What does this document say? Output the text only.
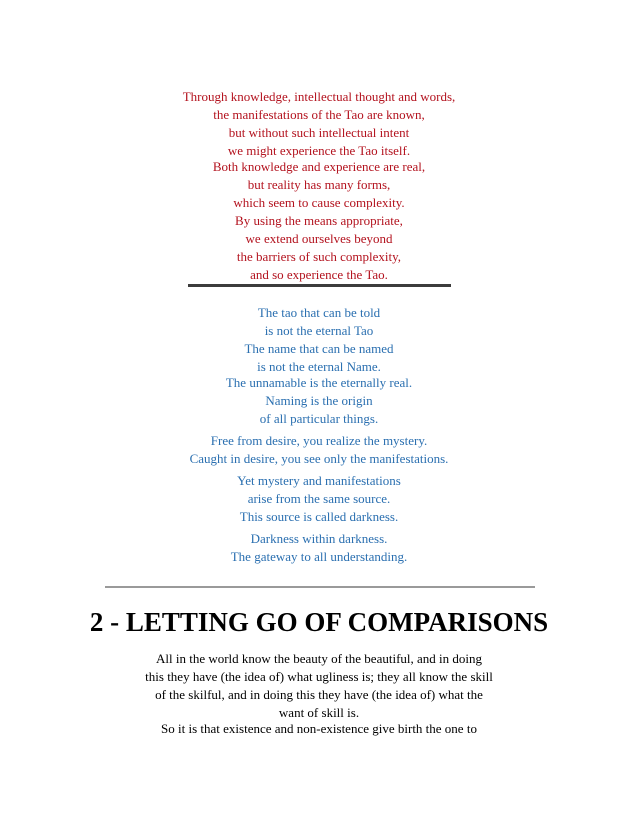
Through knowledge, intellectual thought and words,
the manifestations of the Tao are known,
but without such intellectual intent
we might experience the Tao itself.
Both knowledge and experience are real,
but reality has many forms,
which seem to cause complexity.
By using the means appropriate,
we extend ourselves beyond
the barriers of such complexity,
and so experience the Tao.
The tao that can be told
is not the eternal Tao
The name that can be named
is not the eternal Name.
The unnamable is the eternally real.
Naming is the origin
of all particular things.
Free from desire, you realize the mystery.
Caught in desire, you see only the manifestations.
Yet mystery and manifestations
arise from the same source.
This source is called darkness.
Darkness within darkness.
The gateway to all understanding.
2 - LETTING GO OF COMPARISONS
All in the world know the beauty of the beautiful, and in doing
this they have (the idea of) what ugliness is; they all know the skill
of the skilful, and in doing this they have (the idea of) what the
want of skill is.
So it is that existence and non-existence give birth the one to
